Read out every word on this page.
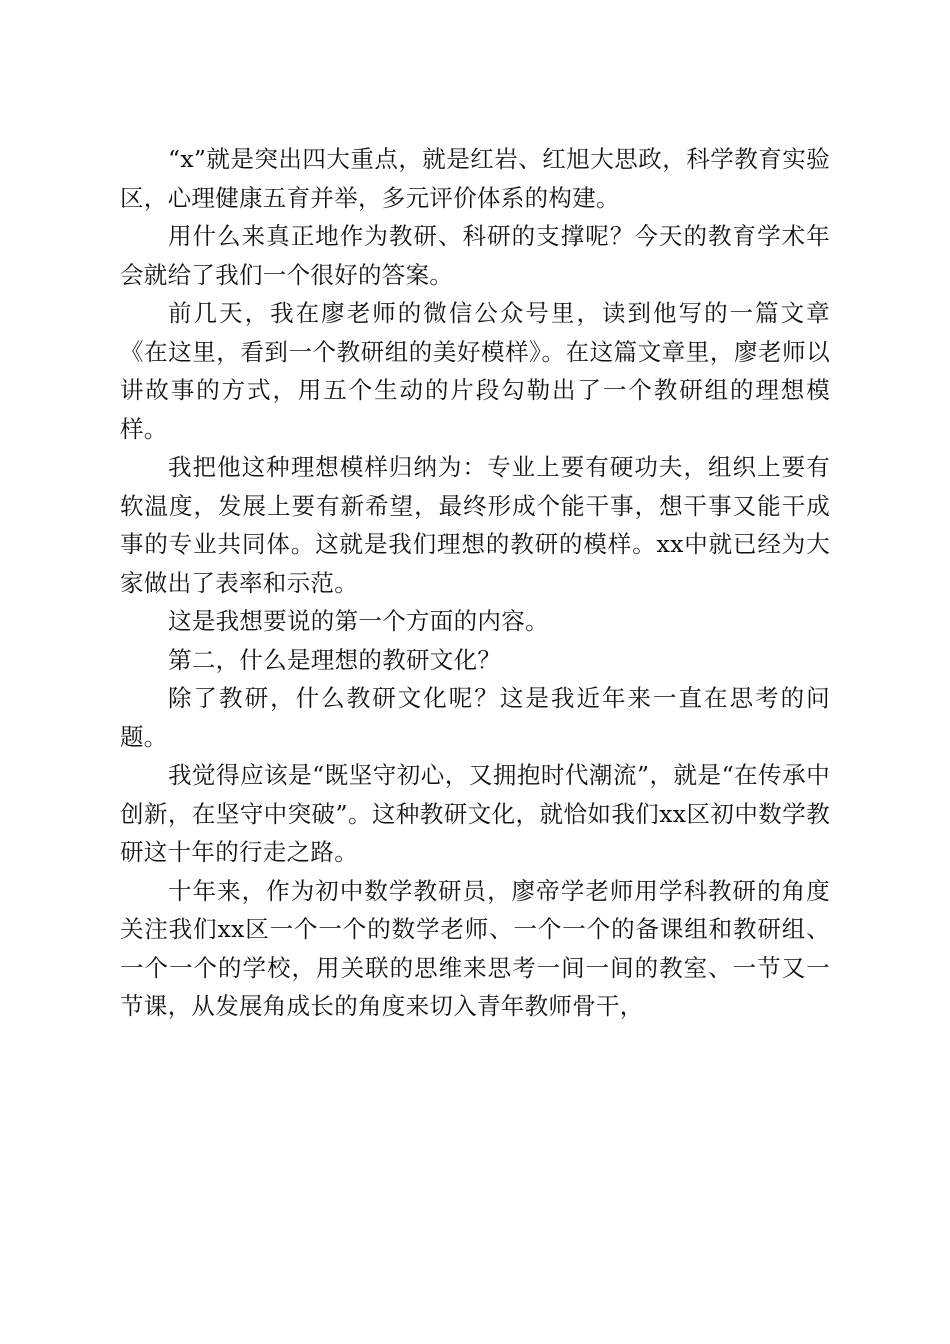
“x”就是突出四大重点，就是红岩、红旭大思政，科学教育实验区，心理健康五育并举，多元评价体系的构建。

用什么来真正地作为教研、科研的支撑呢？今天的教育学术年会就给了我们一个很好的答案。

前几天，我在廖老师的微信公众号里，读到他写的一篇文章《在这里，看到一个教研组的美好模样》。在这篇文章里，廖老师以讲故事的方式，用五个生动的片段勾勒出了一个教研组的理想模样。

我把他这种理想模样归纳为：专业上要有硬功夫，组织上要有软温度，发展上要有新希望，最终形成个能干事，想干事又能干成事的专业共同体。这就是我们理想的教研的模样。xx中就已经为大家做出了表率和示范。

这是我想要说的第一个方面的内容。

第二，什么是理想的教研文化？

除了教研，什么教研文化呢？这是我近年来一直在思考的问题。

我觉得应该是“既坚守初心，又拥抱时代潮流”，就是“在传承中创新，在坚守中突破”。这种教研文化，就恰如我们xx区初中数学教研这十年的行走之路。

十年来，作为初中数学教研员，廖帝学老师用学科教研的角度关注我们xx区一个一个的数学老师、一个一个的备课组和教研组、一个一个的学校，用关联的思维来思考一间一间的教室、一节又一节课，从发展角成长的角度来切入青年教师骨干，
